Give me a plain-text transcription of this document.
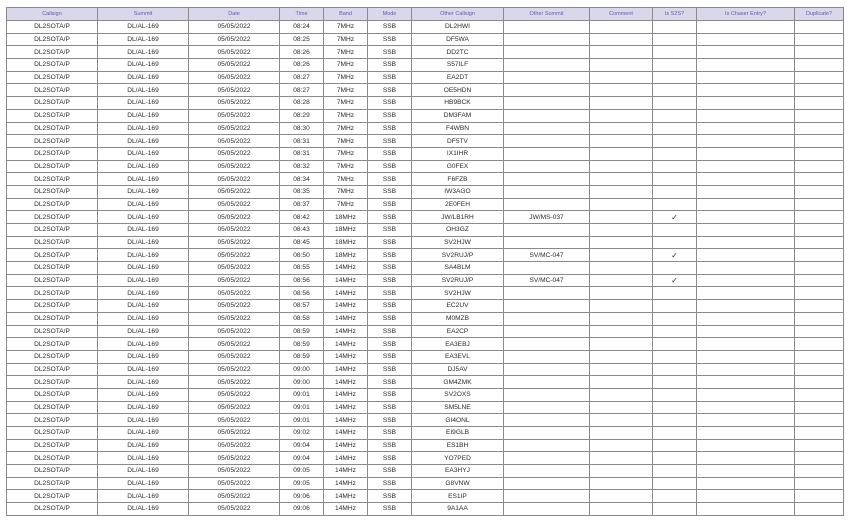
Callsign	Summit	Date	Time	Band	Mode	Other Callsign	Other Summit	Comment	Is S2S?	Is Chaser Entry?	Duplicate?
DL2SOTA/P	DL/AL-169	05/05/2022	08:24	7MHz	SSB	DL2HWI					
DL2SOTA/P	DL/AL-169	05/05/2022	08:25	7MHz	SSB	DF5WA					
DL2SOTA/P	DL/AL-169	05/05/2022	08:26	7MHz	SSB	DD2TC					
DL2SOTA/P	DL/AL-169	05/05/2022	08:26	7MHz	SSB	S57ILF					
DL2SOTA/P	DL/AL-169	05/05/2022	08:27	7MHz	SSB	EA2DT					
DL2SOTA/P	DL/AL-169	05/05/2022	08:27	7MHz	SSB	OE5HDN					
DL2SOTA/P	DL/AL-169	05/05/2022	08:28	7MHz	SSB	HB9BCK					
DL2SOTA/P	DL/AL-169	05/05/2022	08:29	7MHz	SSB	DM3FAM					
DL2SOTA/P	DL/AL-169	05/05/2022	08:30	7MHz	SSB	F4WBN					
DL2SOTA/P	DL/AL-169	05/05/2022	08:31	7MHz	SSB	DF5TV					
DL2SOTA/P	DL/AL-169	05/05/2022	08:31	7MHz	SSB	IX1IHR					
DL2SOTA/P	DL/AL-169	05/05/2022	08:32	7MHz	SSB	G0FEX					
DL2SOTA/P	DL/AL-169	05/05/2022	08:34	7MHz	SSB	F6FZB					
DL2SOTA/P	DL/AL-169	05/05/2022	08:35	7MHz	SSB	IW3AGO					
DL2SOTA/P	DL/AL-169	05/05/2022	08:37	7MHz	SSB	2E0FEH					
DL2SOTA/P	DL/AL-169	05/05/2022	08:42	18MHz	SSB	JW/LB1RH	JW/MS-037		✓		
DL2SOTA/P	DL/AL-169	05/05/2022	08:43	18MHz	SSB	OH3GZ					
DL2SOTA/P	DL/AL-169	05/05/2022	08:45	18MHz	SSB	SV2HJW					
DL2SOTA/P	DL/AL-169	05/05/2022	08:50	18MHz	SSB	SV2RUJ/P	SV/MC-047		✓		
DL2SOTA/P	DL/AL-169	05/05/2022	08:55	14MHz	SSB	SA4BLM					
DL2SOTA/P	DL/AL-169	05/05/2022	08:56	14MHz	SSB	SV2RUJ/P	SV/MC-047		✓		
DL2SOTA/P	DL/AL-169	05/05/2022	08:56	14MHz	SSB	SV2HJW					
DL2SOTA/P	DL/AL-169	05/05/2022	08:57	14MHz	SSB	EC2UV					
DL2SOTA/P	DL/AL-169	05/05/2022	08:58	14MHz	SSB	M0MZB					
DL2SOTA/P	DL/AL-169	05/05/2022	08:59	14MHz	SSB	EA2CP					
DL2SOTA/P	DL/AL-169	05/05/2022	08:59	14MHz	SSB	EA3EBJ					
DL2SOTA/P	DL/AL-169	05/05/2022	08:59	14MHz	SSB	EA3EVL					
DL2SOTA/P	DL/AL-169	05/05/2022	09:00	14MHz	SSB	DJ5AV					
DL2SOTA/P	DL/AL-169	05/05/2022	09:00	14MHz	SSB	GM4ZMK					
DL2SOTA/P	DL/AL-169	05/05/2022	09:01	14MHz	SSB	SV2OXS					
DL2SOTA/P	DL/AL-169	05/05/2022	09:01	14MHz	SSB	SM5LNE					
DL2SOTA/P	DL/AL-169	05/05/2022	09:01	14MHz	SSB	GI4ONL					
DL2SOTA/P	DL/AL-169	05/05/2022	09:02	14MHz	SSB	EI9GLB					
DL2SOTA/P	DL/AL-169	05/05/2022	09:04	14MHz	SSB	ES1BH					
DL2SOTA/P	DL/AL-169	05/05/2022	09:04	14MHz	SSB	YO7PED					
DL2SOTA/P	DL/AL-169	05/05/2022	09:05	14MHz	SSB	EA3HYJ					
DL2SOTA/P	DL/AL-169	05/05/2022	09:05	14MHz	SSB	G8VNW					
DL2SOTA/P	DL/AL-169	05/05/2022	09:06	14MHz	SSB	ES1IP					
DL2SOTA/P	DL/AL-169	05/05/2022	09:06	14MHz	SSB	9A1AA					
